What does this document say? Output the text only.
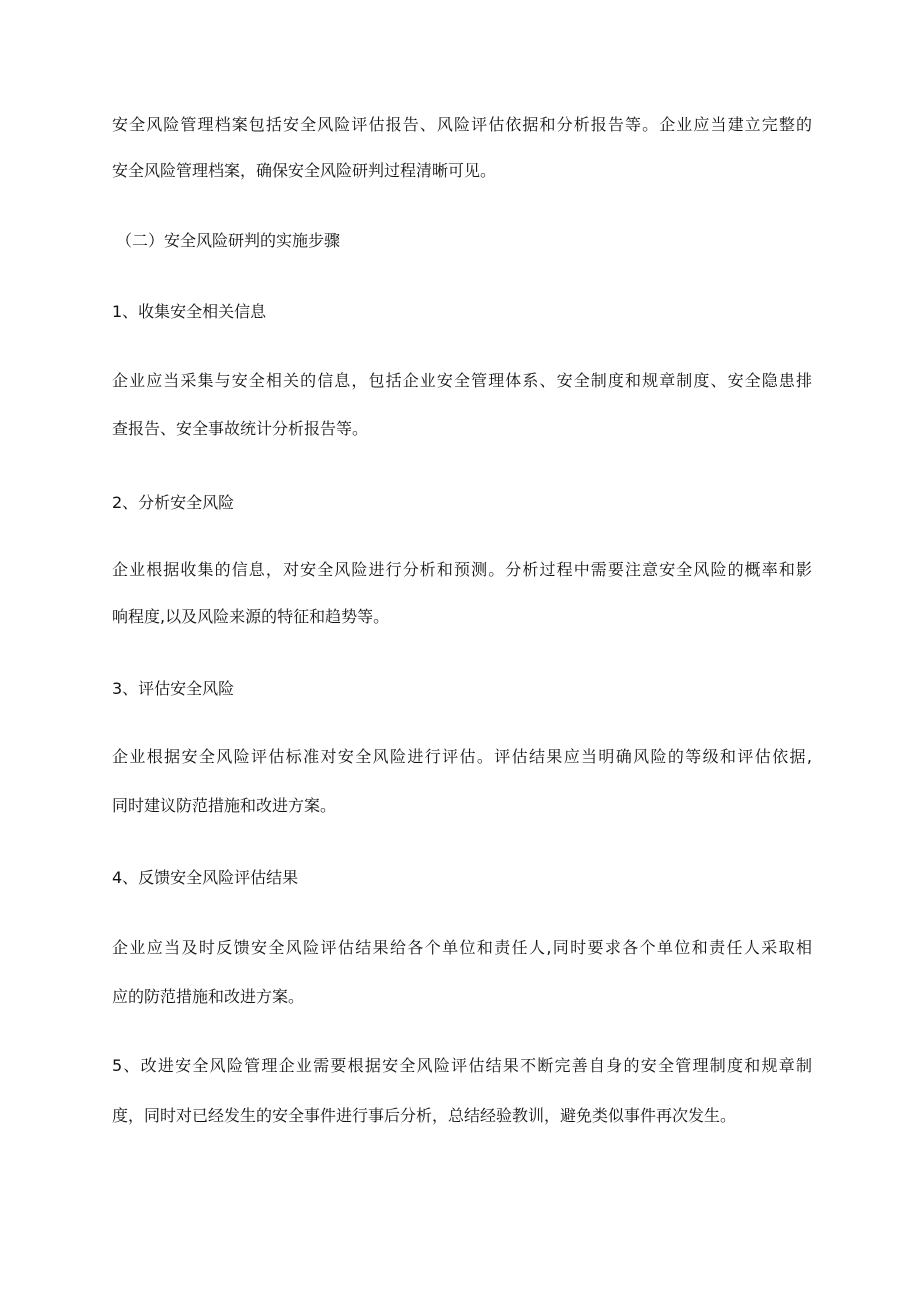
安全风险管理档案包括安全风险评估报告、风险评估依据和分析报告等。企业应当建立完整的
安全风险管理档案，确保安全风险研判过程清晰可见。
（二）安全风险研判的实施步骤
1、收集安全相关信息
企业应当采集与安全相关的信息，包括企业安全管理体系、安全制度和规章制度、安全隐患排
查报告、安全事故统计分析报告等。
2、分析安全风险
企业根据收集的信息，对安全风险进行分析和预测。分析过程中需要注意安全风险的概率和影
响程度,以及风险来源的特征和趋势等。
3、评估安全风险
企业根据安全风险评估标准对安全风险进行评估。评估结果应当明确风险的等级和评估依据,
同时建议防范措施和改进方案。
4、反馈安全风险评估结果
企业应当及时反馈安全风险评估结果给各个单位和责任人,同时要求各个单位和责任人采取相
应的防范措施和改进方案。
5、改进安全风险管理企业需要根据安全风险评估结果不断完善自身的安全管理制度和规章制
度，同时对已经发生的安全事件进行事后分析，总结经验教训，避免类似事件再次发生。
